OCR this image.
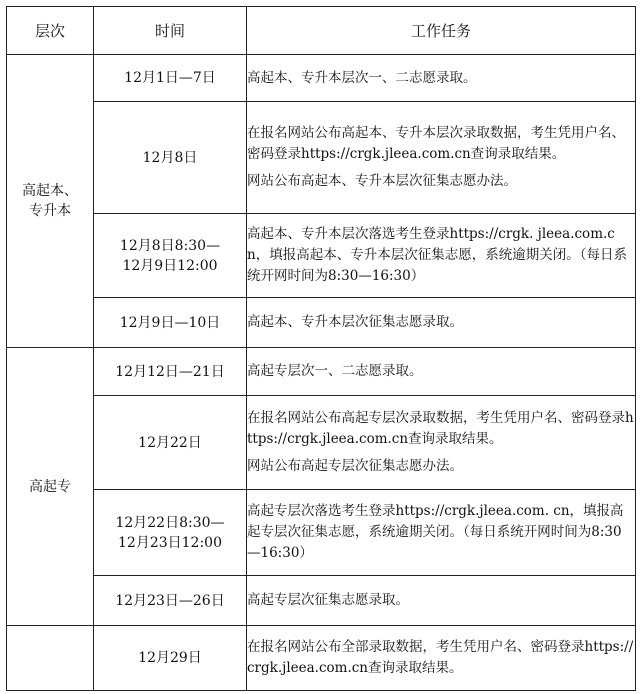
层次	时间	工作任务

高起本、
专升本	12月1日—7日	高起本、专升本层次一、二志愿录取。

	12月8日	在报名网站公布高起本、专升本层次录取数据，考生凭用户名、密码登录https://crgk.jleea.com.cn查询录取结果。

网站公布高起本、专升本层次征集志愿办法。

	12月8日8:30—
12月9日12:00	高起本、专升本层次落选考生登录https://crgk. jleea.com.cn，填报高起本、专升本层次征集志愿，系统逾期关闭。（每日系统开网时间为8:30—16:30）

	12月9日—10日	高起本、专升本层次征集志愿录取。

高起专	12月12日—21日	高起专层次一、二志愿录取。

	12月22日	在报名网站公布高起专层次录取数据，考生凭用户名、密码登录https://crgk.jleea.com.cn查询录取结果。

网站公布高起专层次征集志愿办法。

	12月22日8:30—
12月23日12:00	高起专层次落选考生登录https://crgk.jleea.com. cn，填报高起专层次征集志愿，系统逾期关闭。（每日系统开网时间为8:30—16:30）

	12月23日—26日	高起专层次征集志愿录取。

	12月29日	在报名网站公布全部录取数据，考生凭用户名、密码登录https://crgk.jleea.com.cn查询录取结果。
